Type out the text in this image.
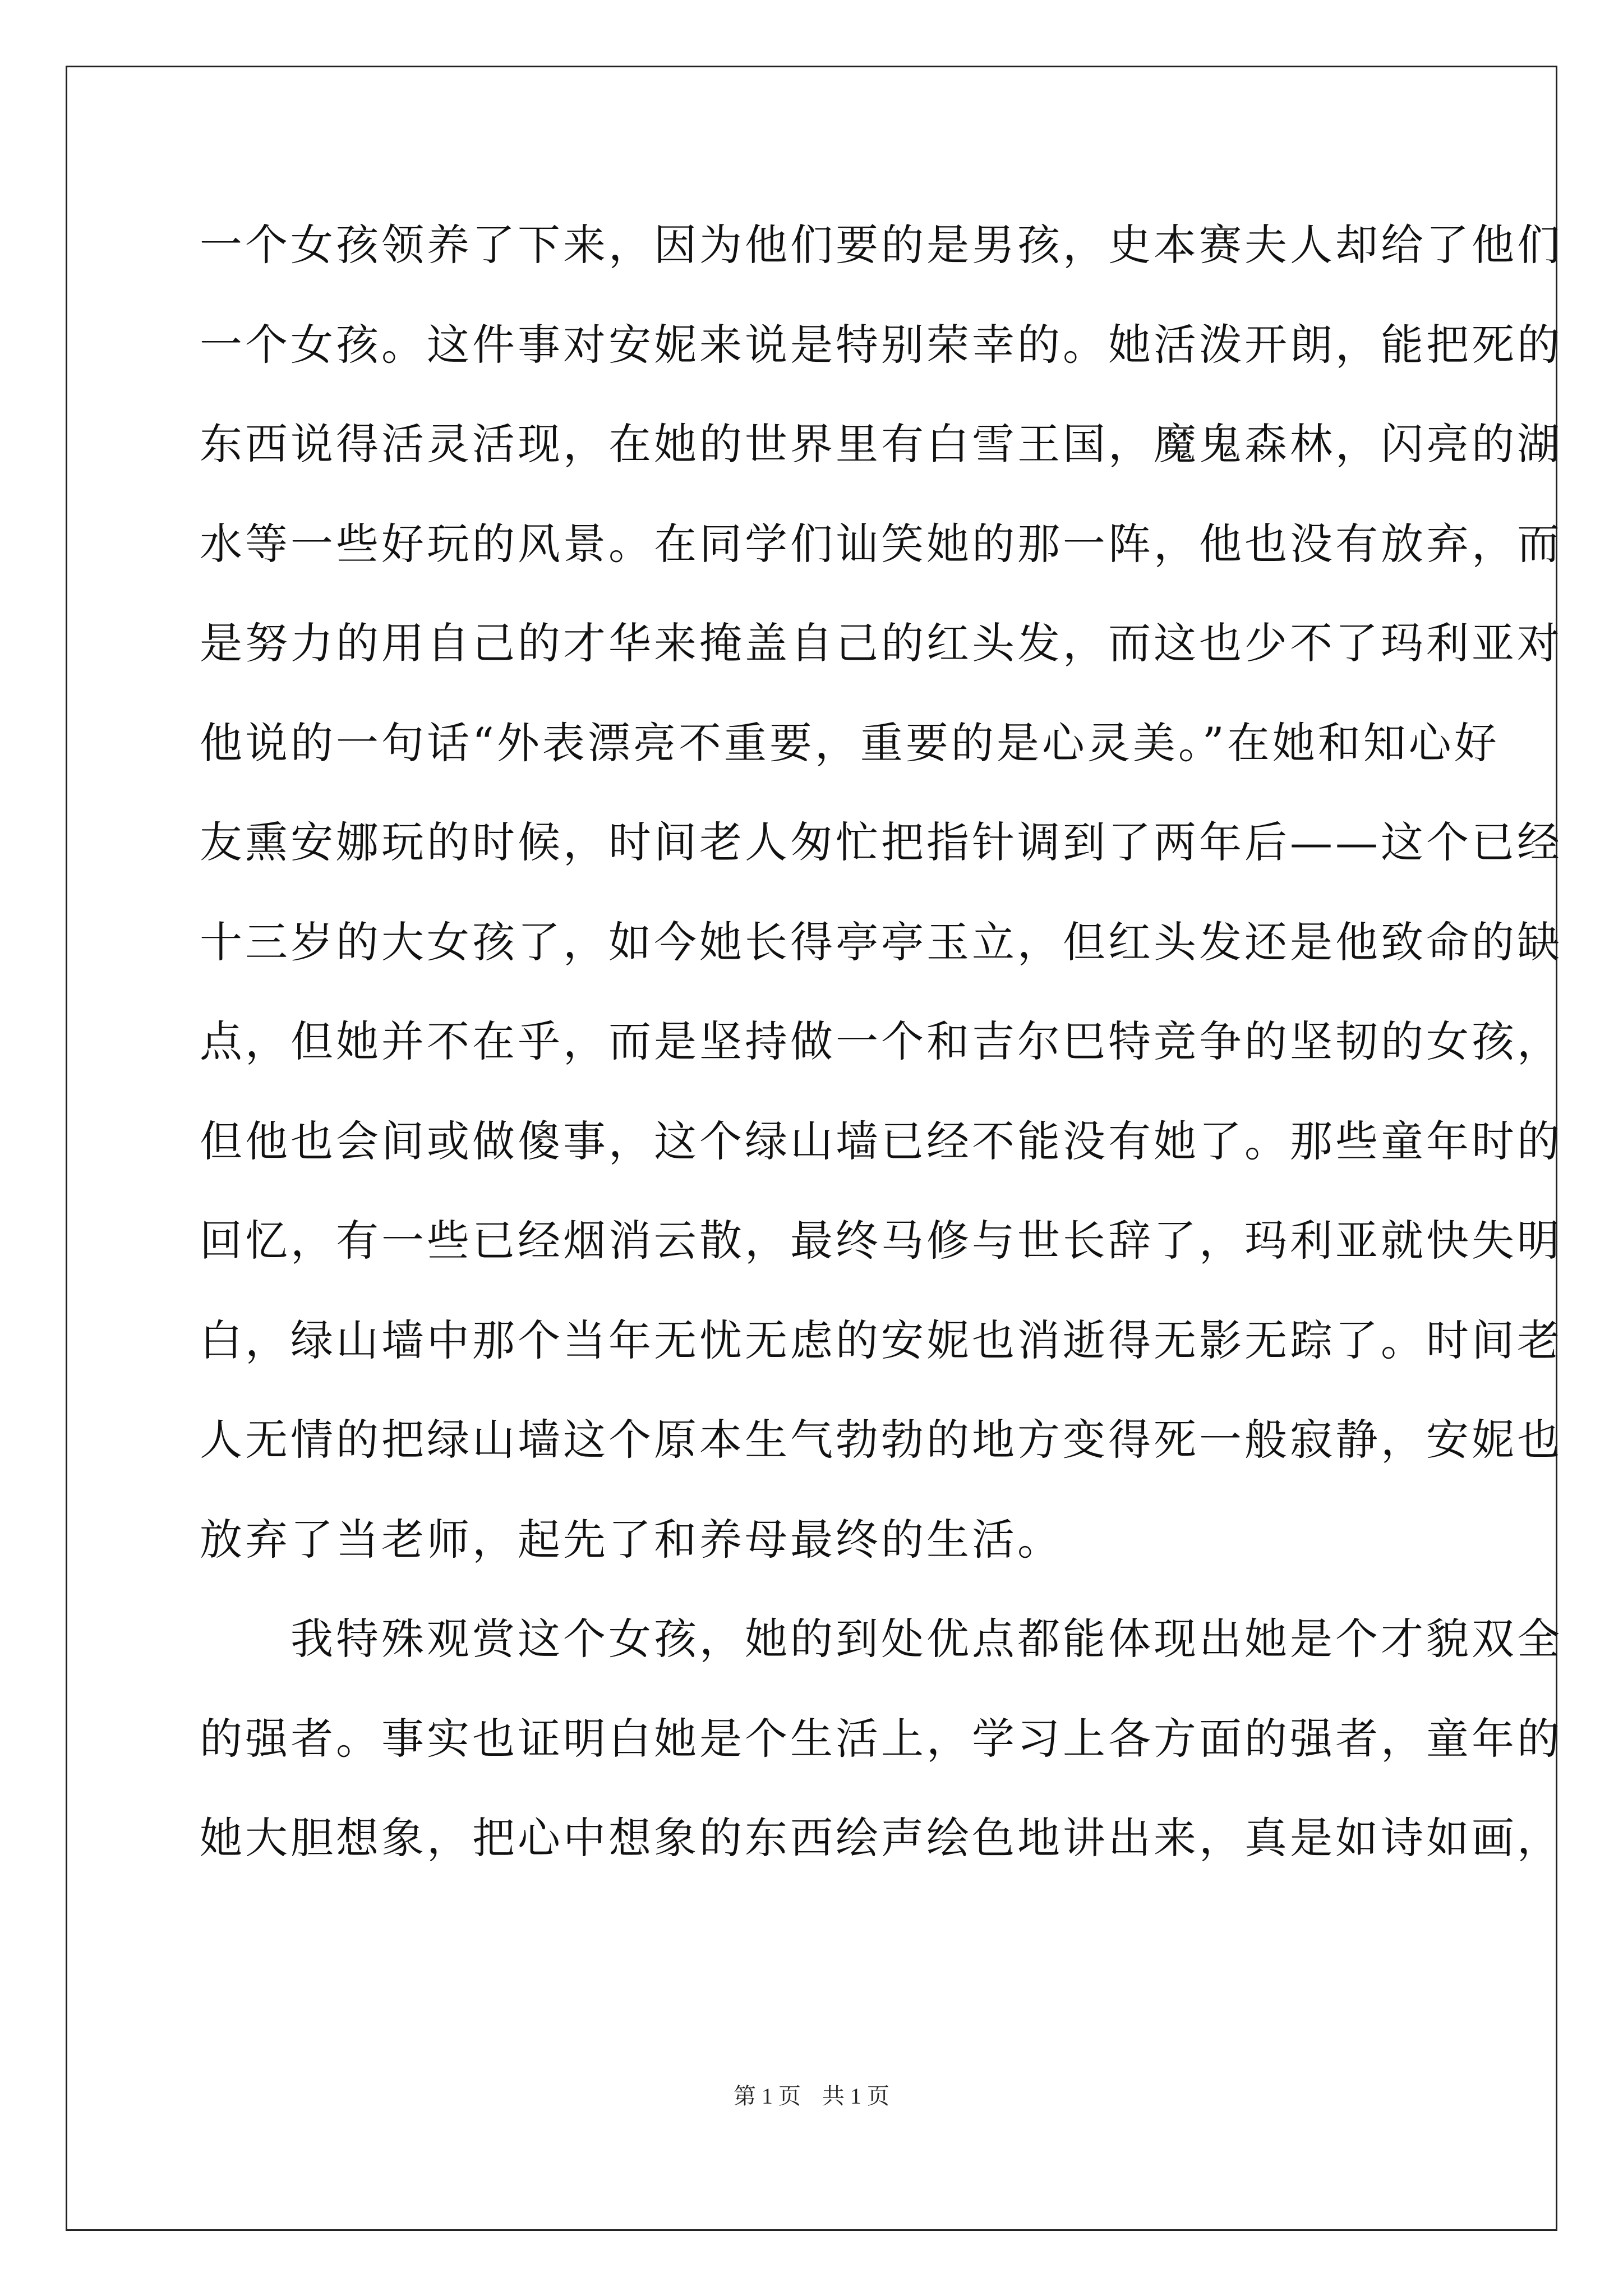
一个女孩领养了下来，因为他们要的是男孩，史本赛夫人却给了他们
一个女孩。这件事对安妮来说是特别荣幸的。她活泼开朗，能把死的
东西说得活灵活现，在她的世界里有白雪王国，魔鬼森林，闪亮的湖
水等一些好玩的风景。在同学们讪笑她的那一阵，他也没有放弃，而
是努力的用自己的才华来掩盖自己的红头发，而这也少不了玛利亚对
他说的一句话“外表漂亮不重要，重要的是心灵美。”在她和知心好
友熏安娜玩的时候，时间老人匆忙把指针调到了两年后——这个已经
十三岁的大女孩了，如今她长得亭亭玉立，但红头发还是他致命的缺
点，但她并不在乎，而是坚持做一个和吉尔巴特竞争的坚韧的女孩，
但他也会间或做傻事，这个绿山墙已经不能没有她了。那些童年时的
回忆，有一些已经烟消云散，最终马修与世长辞了，玛利亚就快失明
白，绿山墙中那个当年无忧无虑的安妮也消逝得无影无踪了。时间老
人无情的把绿山墙这个原本生气勃勃的地方变得死一般寂静，安妮也
放弃了当老师，起先了和养母最终的生活。
　　我特殊观赏这个女孩，她的到处优点都能体现出她是个才貌双全
的强者。事实也证明白她是个生活上，学习上各方面的强者，童年的
她大胆想象，把心中想象的东西绘声绘色地讲出来，真是如诗如画，
第 1 页 共 1 页
